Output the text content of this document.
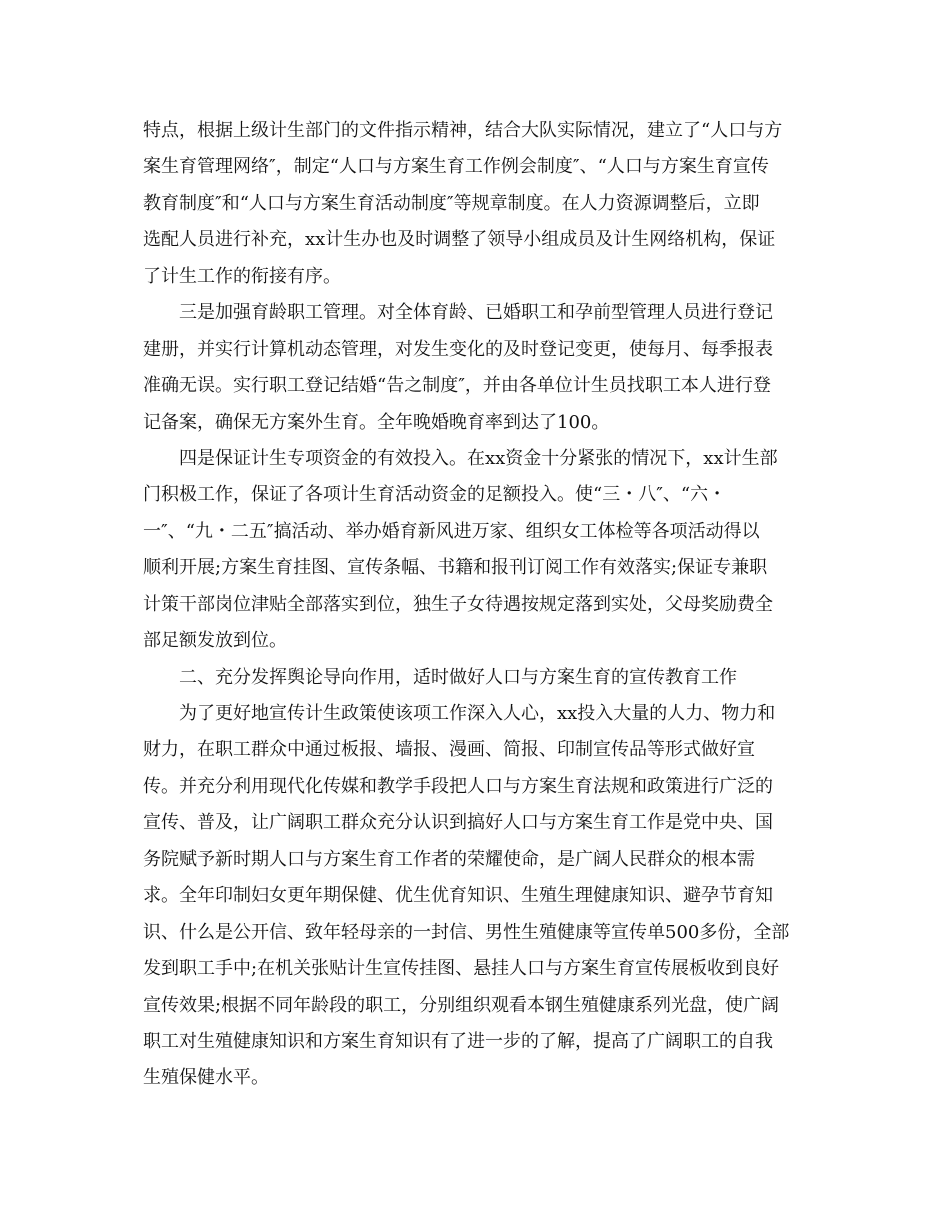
特点，根据上级计生部门的文件指示精神，结合大队实际情况，建立了“人口与方
案生育管理网络″，制定“人口与方案生育工作例会制度″、“人口与方案生育宣传
教育制度″和“人口与方案生育活动制度″等规章制度。在人力资源调整后，立即
选配人员进行补充，xx计生办也及时调整了领导小组成员及计生网络机构，保证
了计生工作的衔接有序。
三是加强育龄职工管理。对全体育龄、已婚职工和孕前型管理人员进行登记
建册，并实行计算机动态管理，对发生变化的及时登记变更，使每月、每季报表
准确无误。实行职工登记结婚“告之制度″，并由各单位计生员找职工本人进行登
记备案，确保无方案外生育。全年晚婚晚育率到达了100。
四是保证计生专项资金的有效投入。在xx资金十分紧张的情况下，xx计生部
门积极工作，保证了各项计生育活动资金的足额投入。使“三・八″、“六・
一″、“九・二五″搞活动、举办婚育新风进万家、组织女工体检等各项活动得以
顺利开展;方案生育挂图、宣传条幅、书籍和报刊订阅工作有效落实;保证专兼职
计策干部岗位津贴全部落实到位，独生子女待遇按规定落到实处，父母奖励费全
部足额发放到位。
二、充分发挥舆论导向作用，适时做好人口与方案生育的宣传教育工作
为了更好地宣传计生政策使该项工作深入人心，xx投入大量的人力、物力和
财力，在职工群众中通过板报、墙报、漫画、简报、印制宣传品等形式做好宣
传。并充分利用现代化传媒和教学手段把人口与方案生育法规和政策进行广泛的
宣传、普及，让广阔职工群众充分认识到搞好人口与方案生育工作是党中央、国
务院赋予新时期人口与方案生育工作者的荣耀使命，是广阔人民群众的根本需
求。全年印制妇女更年期保健、优生优育知识、生殖生理健康知识、避孕节育知
识、什么是公开信、致年轻母亲的一封信、男性生殖健康等宣传单500多份，全部
发到职工手中;在机关张贴计生宣传挂图、悬挂人口与方案生育宣传展板收到良好
宣传效果;根据不同年龄段的职工，分别组织观看本钢生殖健康系列光盘，使广阔
职工对生殖健康知识和方案生育知识有了进一步的了解，提高了广阔职工的自我
生殖保健水平。
